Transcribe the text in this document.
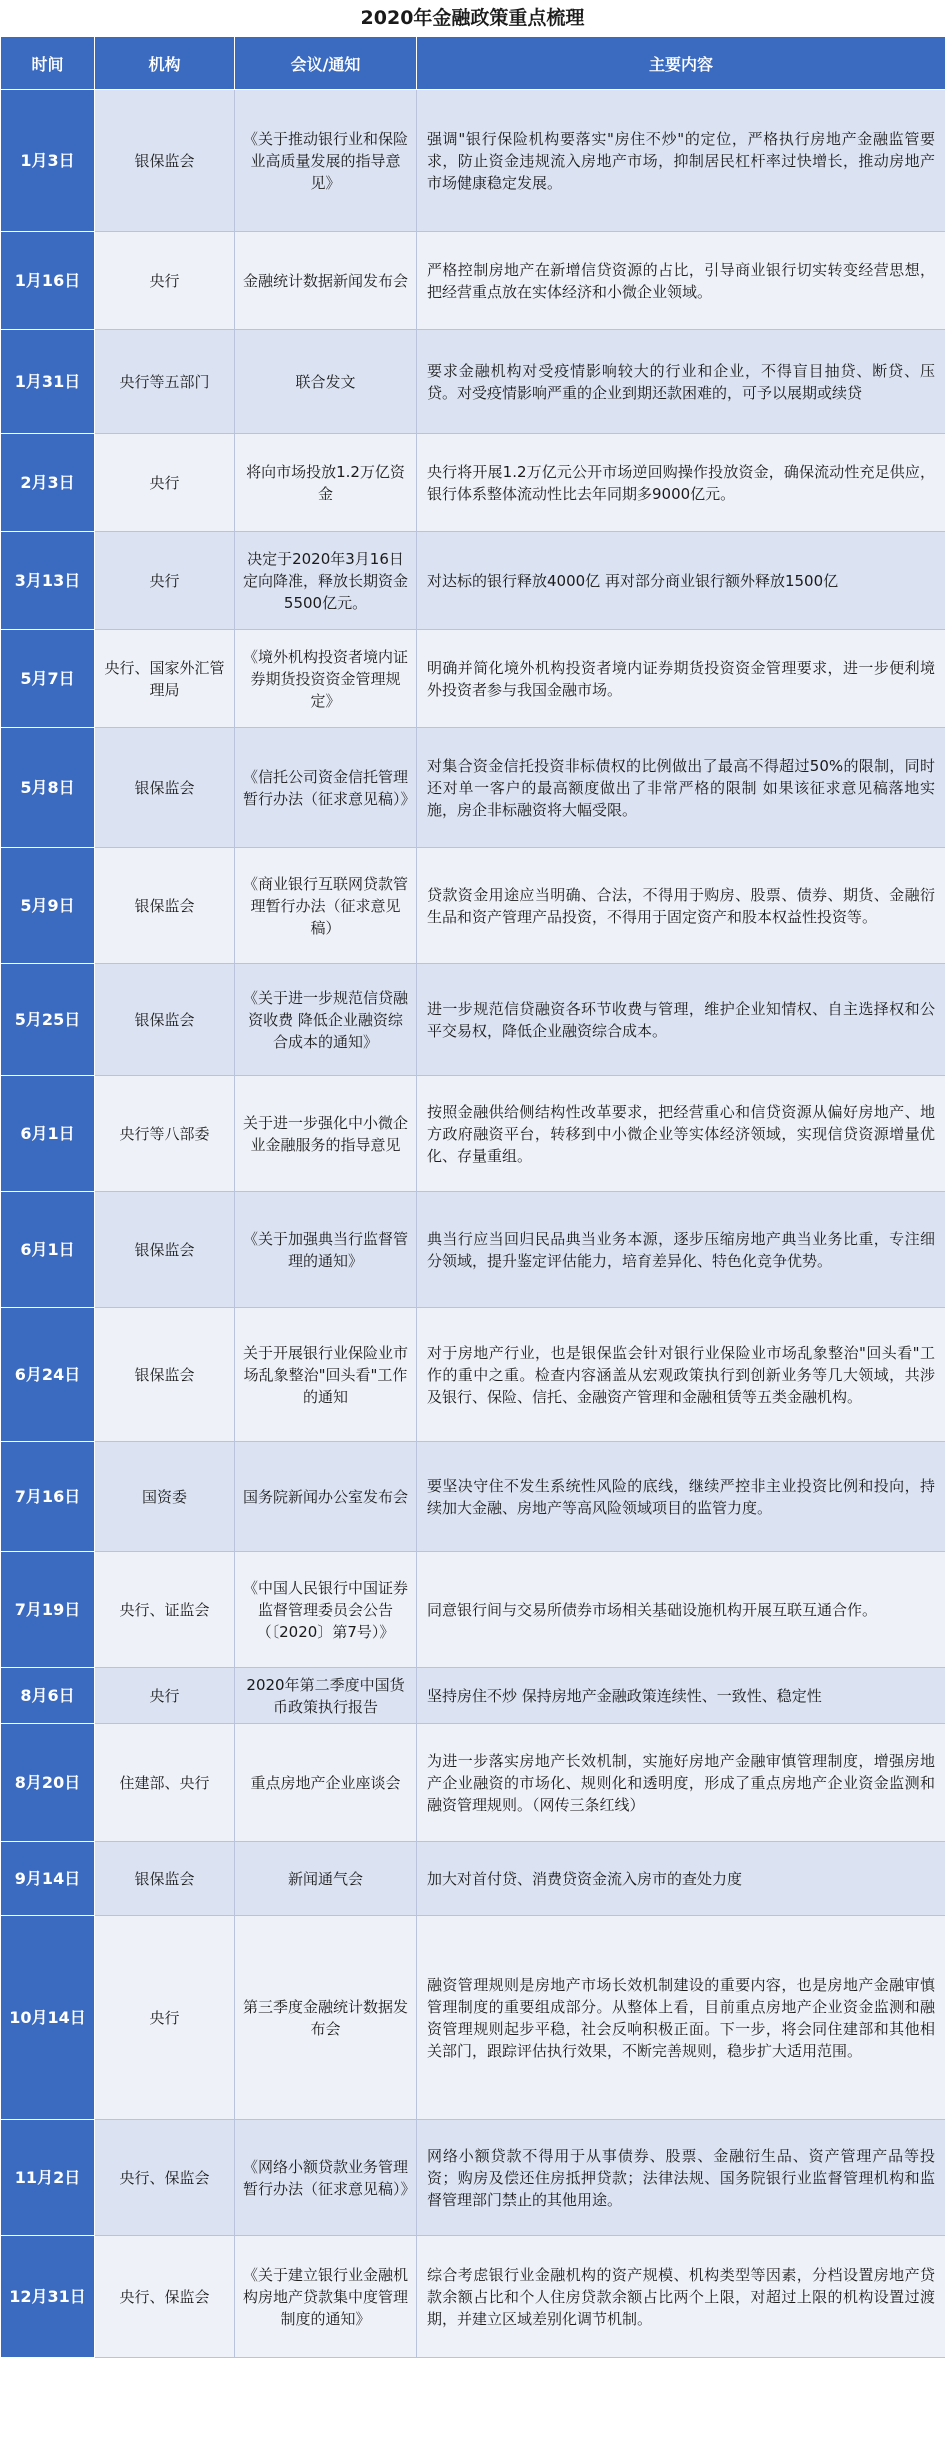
2020年金融政策重点梳理
时间	机构	会议/通知	主要内容
1月3日	银保监会	《关于推动银行业和保险业高质量发展的指导意见》	强调"银行保险机构要落实"房住不炒"的定位，严格执行房地产金融监管要求，防止资金违规流入房地产市场，抑制居民杠杆率过快增长，推动房地产市场健康稳定发展。
1月16日	央行	金融统计数据新闻发布会	严格控制房地产在新增信贷资源的占比，引导商业银行切实转变经营思想，把经营重点放在实体经济和小微企业领域。
1月31日	央行等五部门	联合发文	要求金融机构对受疫情影响较大的行业和企业，不得盲目抽贷、断贷、压贷。对受疫情影响严重的企业到期还款困难的，可予以展期或续贷
2月3日	央行	将向市场投放1.2万亿资金	央行将开展1.2万亿元公开市场逆回购操作投放资金，确保流动性充足供应，银行体系整体流动性比去年同期多9000亿元。
3月13日	央行	决定于2020年3月16日定向降准，释放长期资金5500亿元。	对达标的银行释放4000亿 再对部分商业银行额外释放1500亿
5月7日	央行、国家外汇管理局	《境外机构投资者境内证券期货投资资金管理规定》	明确并简化境外机构投资者境内证券期货投资资金管理要求，进一步便利境外投资者参与我国金融市场。
5月8日	银保监会	《信托公司资金信托管理暂行办法（征求意见稿）》	对集合资金信托投资非标债权的比例做出了最高不得超过50%的限制，同时还对单一客户的最高额度做出了非常严格的限制 如果该征求意见稿落地实施，房企非标融资将大幅受限。
5月9日	银保监会	《商业银行互联网贷款管理暂行办法（征求意见稿）	贷款资金用途应当明确、合法，不得用于购房、股票、债券、期货、金融衍生品和资产管理产品投资，不得用于固定资产和股本权益性投资等。
5月25日	银保监会	《关于进一步规范信贷融资收费 降低企业融资综合成本的通知》	进一步规范信贷融资各环节收费与管理，维护企业知情权、自主选择权和公平交易权，降低企业融资综合成本。
6月1日	央行等八部委	关于进一步强化中小微企业金融服务的指导意见	按照金融供给侧结构性改革要求，把经营重心和信贷资源从偏好房地产、地方政府融资平台，转移到中小微企业等实体经济领域，实现信贷资源增量优化、存量重组。
6月1日	银保监会	《关于加强典当行监督管理的通知》	典当行应当回归民品典当业务本源，逐步压缩房地产典当业务比重，专注细分领域，提升鉴定评估能力，培育差异化、特色化竞争优势。
6月24日	银保监会	关于开展银行业保险业市场乱象整治"回头看"工作的通知	对于房地产行业，也是银保监会针对银行业保险业市场乱象整治"回头看"工作的重中之重。检查内容涵盖从宏观政策执行到创新业务等几大领域，共涉及银行、保险、信托、金融资产管理和金融租赁等五类金融机构。
7月16日	国资委	国务院新闻办公室发布会	要坚决守住不发生系统性风险的底线，继续严控非主业投资比例和投向，持续加大金融、房地产等高风险领域项目的监管力度。
7月19日	央行、证监会	《中国人民银行中国证券监督管理委员会公告（〔2020〕第7号）》	同意银行间与交易所债券市场相关基础设施机构开展互联互通合作。
8月6日	央行	2020年第二季度中国货币政策执行报告	坚持房住不炒 保持房地产金融政策连续性、一致性、稳定性
8月20日	住建部、央行	重点房地产企业座谈会	为进一步落实房地产长效机制，实施好房地产金融审慎管理制度，增强房地产企业融资的市场化、规则化和透明度，形成了重点房地产企业资金监测和融资管理规则。（网传三条红线）
9月14日	银保监会	新闻通气会	加大对首付贷、消费贷资金流入房市的查处力度
10月14日	央行	第三季度金融统计数据发布会	融资管理规则是房地产市场长效机制建设的重要内容，也是房地产金融审慎管理制度的重要组成部分。从整体上看，目前重点房地产企业资金监测和融资管理规则起步平稳，社会反响积极正面。下一步，将会同住建部和其他相关部门，跟踪评估执行效果，不断完善规则，稳步扩大适用范围。
11月2日	央行、保监会	《网络小额贷款业务管理暂行办法（征求意见稿）》	网络小额贷款不得用于从事债券、股票、金融衍生品、资产管理产品等投资；购房及偿还住房抵押贷款；法律法规、国务院银行业监督管理机构和监督管理部门禁止的其他用途。
12月31日	央行、保监会	《关于建立银行业金融机构房地产贷款集中度管理制度的通知》	综合考虑银行业金融机构的资产规模、机构类型等因素，分档设置房地产贷款余额占比和个人住房贷款余额占比两个上限，对超过上限的机构设置过渡期，并建立区域差别化调节机制。
